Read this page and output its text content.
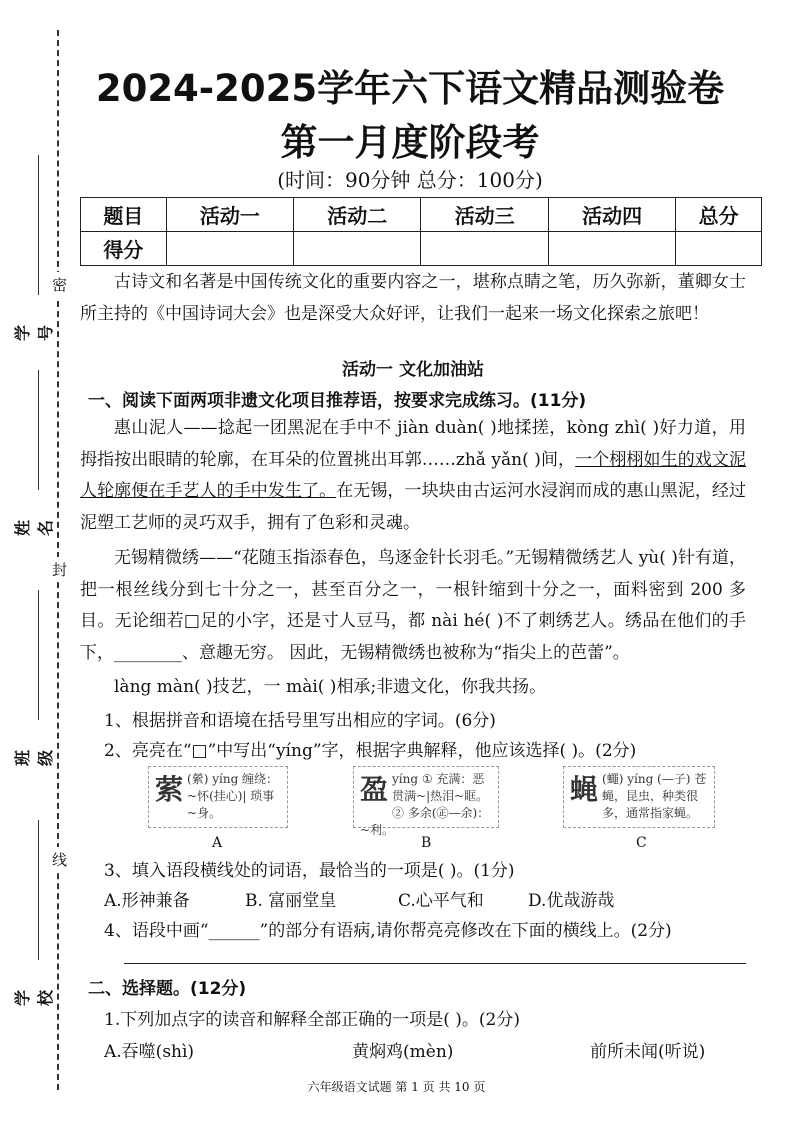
学号
姓名
班级
学校
密
封
线
2024-2025学年六下语文精品测验卷
第一月度阶段考
(时间：90分钟 总分：100分)
题目	活动一	活动二	活动三	活动四	总分
得分					
古诗文和名著是中国传统文化的重要内容之一，堪称点睛之笔，历久弥新，董卿女士所主持的《中国诗词大会》也是深受大众好评，让我们一起来一场文化探索之旅吧！
活动一 文化加油站
一、阅读下面两项非遗文化项目推荐语，按要求完成练习。(11分)
惠山泥人——捻起一团黑泥在手中不 jiàn duàn( )地揉搓，kòng zhì( )好力道，用拇指按出眼睛的轮廓，在耳朵的位置挑出耳郭……zhǎ yǎn( )间，一个栩栩如生的戏文泥人轮廓便在手艺人的手中发生了。在无锡，一块块由古运河水浸润而成的惠山黑泥，经过泥塑工艺师的灵巧双手，拥有了色彩和灵魂。
无锡精微绣——“花随玉指添春色，鸟逐金针长羽毛。”无锡精微绣艺人 yù( )针有道，把一根丝线分到七十分之一，甚至百分之一，一根针缩到十分之一，面料密到 200 多目。无论细若□足的小字，还是寸人豆马，都 nài hé( )不了刺绣艺人。绣品在他们的手下，________、意趣无穷。 因此，无锡精微绣也被称为“指尖上的芭蕾”。
làng màn( )技艺，一 mài( )相承;非遗文化，你我共扬。
1、根据拼音和语境在括号里写出相应的字词。(6分)
2、亮亮在“□”中写出“yíng”字，根据字典解释，他应该选择( )。(2分)
萦 (縈) yíng 缠绕：~怀(挂心)| 琐事~身。
盈yíng ① 充满：恶贯满~|热泪~眶。② 多余(㊣—余)：~利。
蝇 (蠅) yíng (—子) 苍蝇，昆虫，种类很多，通常指家蝇。
A	B	C
3、填入语段横线处的词语，最恰当的一项是( )。(1分)
A.形神兼备	B. 富丽堂皇	C.心平气和	D.优哉游哉
4、语段中画“______”的部分有语病,请你帮亮亮修改在下面的横线上。(2分)
二、选择题。(12分)
1.下列加点字的读音和解释全部正确的一项是( )。(2分)
A.吞噬(shì)	黄焖鸡(mèn)	前所未闻(听说)
六年级语文试题 第 1 页 共 10 页
